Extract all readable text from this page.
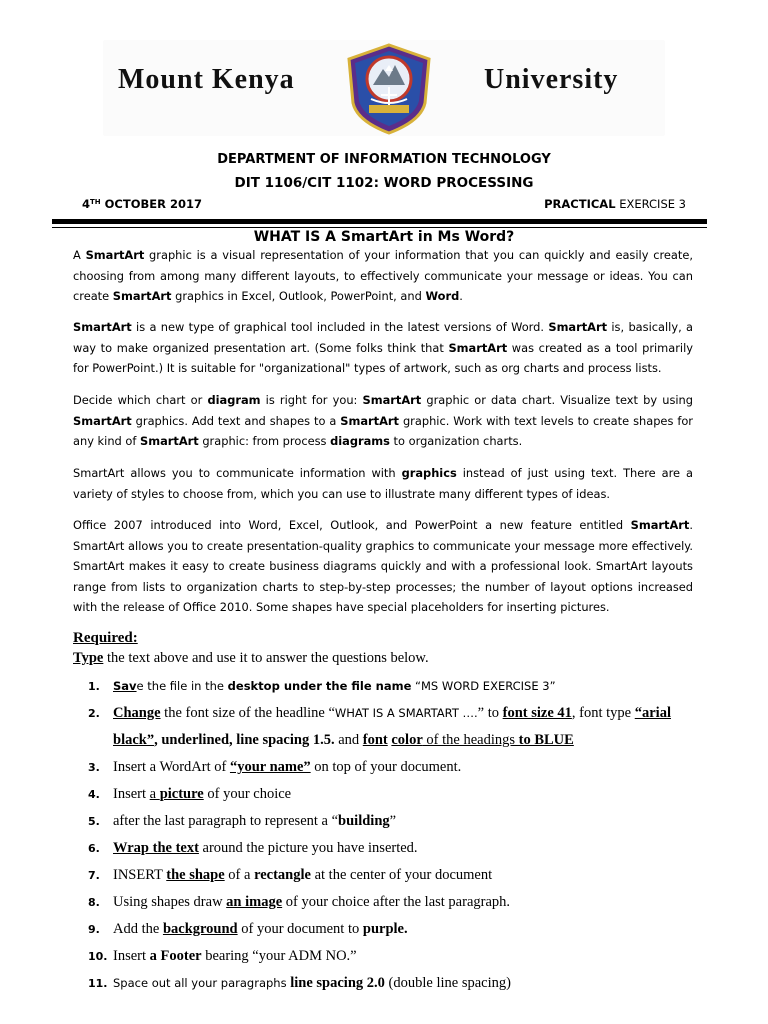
Mount Kenya	University
DEPARTMENT OF INFORMATION TECHNOLOGY
DIT 1106/CIT 1102: WORD PROCESSING
4TH OCTOBER 2017	PRACTICAL EXERCISE 3
WHAT IS A SmartArt in Ms Word?
A SmartArt graphic is a visual representation of your information that you can quickly and easily create, choosing from among many different layouts, to effectively communicate your message or ideas. You can create SmartArt graphics in Excel, Outlook, PowerPoint, and Word.
SmartArt is a new type of graphical tool included in the latest versions of Word. SmartArt is, basically, a way to make organized presentation art. (Some folks think that SmartArt was created as a tool primarily for PowerPoint.) It is suitable for "organizational" types of artwork, such as org charts and process lists.
Decide which chart or diagram is right for you: SmartArt graphic or data chart. Visualize text by using SmartArt graphics. Add text and shapes to a SmartArt graphic. Work with text levels to create shapes for any kind of SmartArt graphic: from process diagrams to organization charts.
SmartArt allows you to communicate information with graphics instead of just using text. There are a variety of styles to choose from, which you can use to illustrate many different types of ideas.
Office 2007 introduced into Word, Excel, Outlook, and PowerPoint a new feature entitled SmartArt. SmartArt allows you to create presentation-quality graphics to communicate your message more effectively. SmartArt makes it easy to create business diagrams quickly and with a professional look. SmartArt layouts range from lists to organization charts to step-by-step processes; the number of layout options increased with the release of Office 2010. Some shapes have special placeholders for inserting pictures.
Required:
Type the text above and use it to answer the questions below.
1. Save the file in the desktop under the file name “MS WORD EXERCISE 3”
2. Change the font size of the headline “WHAT IS A SMARTART ….” to font size 41, font type “arial black”, underlined, line spacing 1.5. and font color of the headings to BLUE
3. Insert a WordArt of “your name” on top of your document.
4. Insert a picture of your choice
5. after the last paragraph to represent a “building”
6. Wrap the text around the picture you have inserted.
7. INSERT the shape of a rectangle at the center of your document
8. Using shapes draw an image of your choice after the last paragraph.
9. Add the background of your document to purple.
10. Insert a Footer bearing “your ADM NO.”
11. Space out all your paragraphs line spacing 2.0 (double line spacing)
